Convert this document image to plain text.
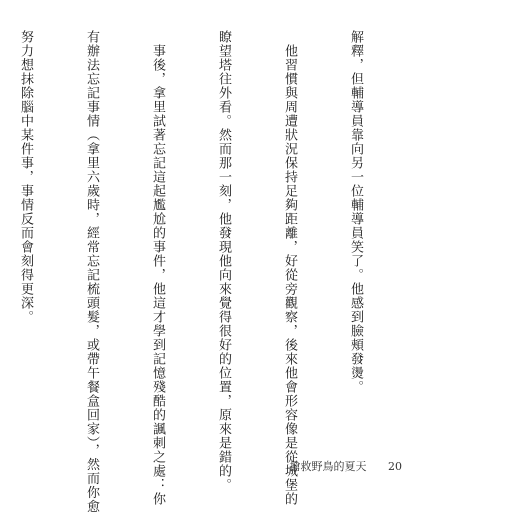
解釋，但輔導員靠向另一位輔導員笑了。他感到臉頰發燙。

　他習慣與周遭狀況保持足夠距離，好從旁觀察，後來他會形容像是從城堡的

瞭望塔往外看。然而那一刻，他發現他向來覺得很好的位置，原來是錯的。

　事後，拿里試著忘記這起尷尬的事件，他這才學到記憶殘酷的諷刺之處：你

有辦法忘記事情（拿里六歲時，經常忘記梳頭髮，或帶午餐盒回家），然而你愈

努力想抹除腦中某件事，事情反而會刻得更深。

搶救野鳥的夏天 20
